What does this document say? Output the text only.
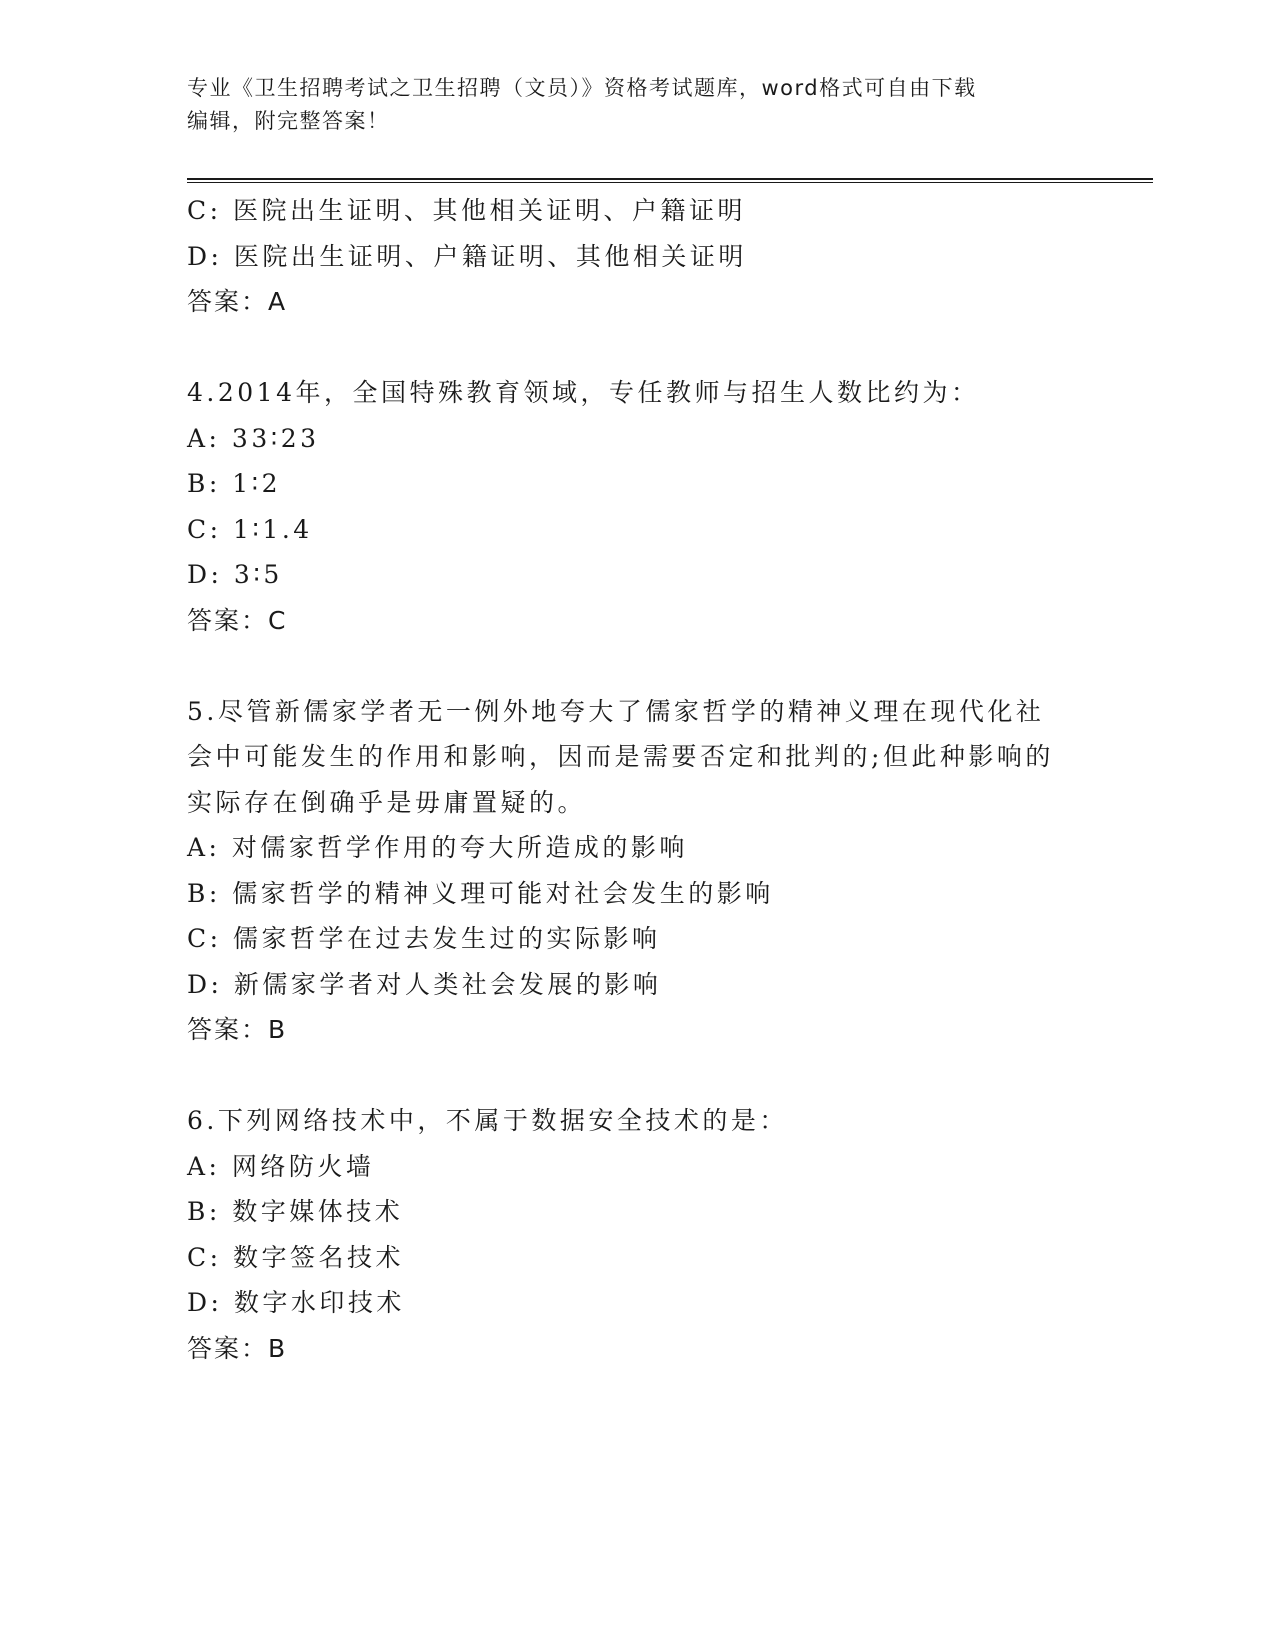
专业《卫生招聘考试之卫生招聘（文员）》资格考试题库，word格式可自由下载
编辑，附完整答案！
C: 医院出生证明、其他相关证明、户籍证明
D: 医院出生证明、户籍证明、其他相关证明
答案：A
4.2014年，全国特殊教育领域，专任教师与招生人数比约为：
A: 33∶23
B: 1∶2
C: 1∶1.4
D: 3∶5
答案：C
5.尽管新儒家学者无一例外地夸大了儒家哲学的精神义理在现代化社
会中可能发生的作用和影响，因而是需要否定和批判的;但此种影响的
实际存在倒确乎是毋庸置疑的。
A: 对儒家哲学作用的夸大所造成的影响
B: 儒家哲学的精神义理可能对社会发生的影响
C: 儒家哲学在过去发生过的实际影响
D: 新儒家学者对人类社会发展的影响
答案：B
6.下列网络技术中，不属于数据安全技术的是：
A: 网络防火墙
B: 数字媒体技术
C: 数字签名技术
D: 数字水印技术
答案：B
